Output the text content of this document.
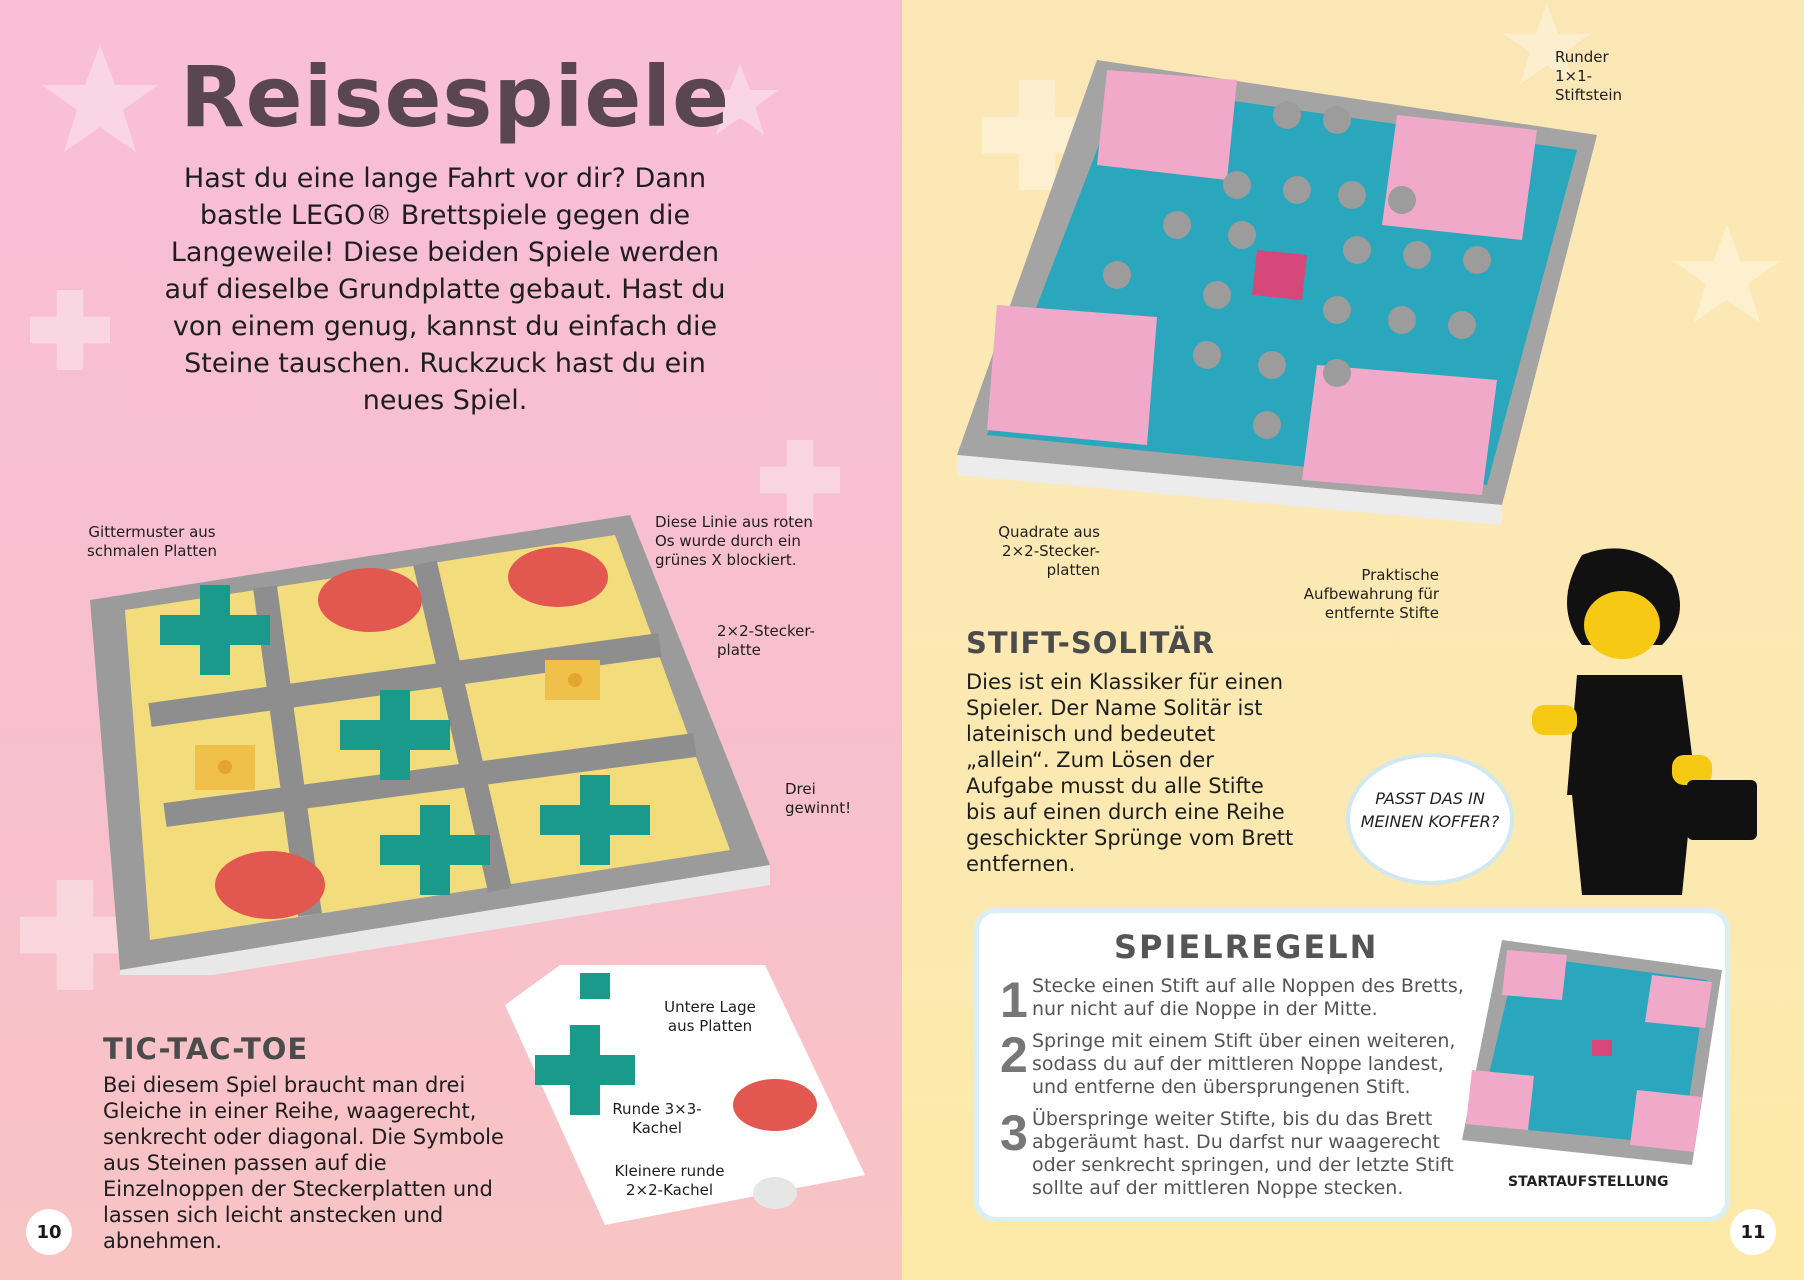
Reisespiele
Hast du eine lange Fahrt vor dir? Dann bastle LEGO® Brettspiele gegen die Langeweile! Diese beiden Spiele werden auf dieselbe Grundplatte gebaut. Hast du von einem genug, kannst du einfach die Steine tauschen. Ruckzuck hast du ein neues Spiel.
Gittermuster aus schmalen Platten
Diese Linie aus roten Os wurde durch ein grünes X blockiert.
2×2-Stecker-platte
Drei gewinnt!
Untere Lage aus Platten
Runde 3×3-Kachel
Kleinere runde 2×2-Kachel
TIC-TAC-TOE
Bei diesem Spiel braucht man drei Gleiche in einer Reihe, waagerecht, senkrecht oder diagonal. Die Symbole aus Steinen passen auf die Einzelnoppen der Steckerplatten und lassen sich leicht anstecken und abnehmen.
10
Runder 1×1-Stiftstein
Quadrate aus 2×2-Stecker-platten	Praktische Aufbewahrung für entfernte Stifte
STIFT-SOLITÄR
Dies ist ein Klassiker für einen Spieler. Der Name Solitär ist lateinisch und bedeutet „allein“. Zum Lösen der Aufgabe musst du alle Stifte bis auf einen durch eine Reihe geschickter Sprünge vom Brett entfernen.
PASST DAS IN MEINEN KOFFER?
SPIELREGELN
1 Stecke einen Stift auf alle Noppen des Bretts, nur nicht auf die Noppe in der Mitte.
2 Springe mit einem Stift über einen weiteren, sodass du auf der mittleren Noppe landest, und entferne den übersprungenen Stift.
3 Überspringe weiter Stifte, bis du das Brett abgeräumt hast. Du darfst nur waagerecht oder senkrecht springen, und der letzte Stift sollte auf der mittleren Noppe stecken.	STARTAUFSTELLUNG
11
